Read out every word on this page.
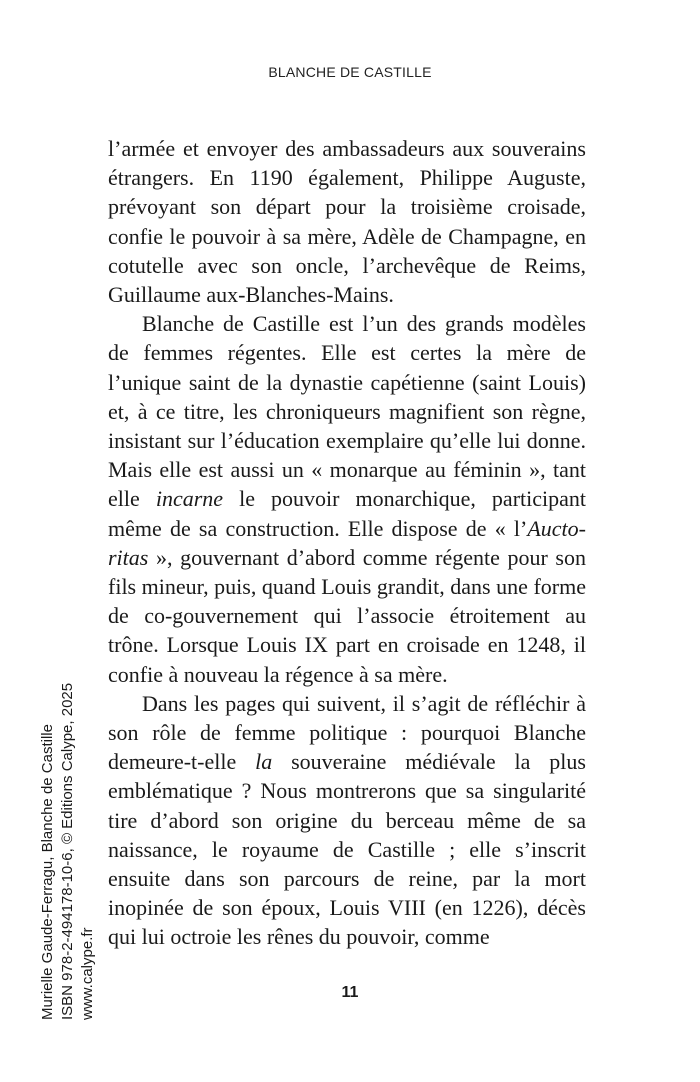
BLANCHE DE CASTILLE

l’armée et envoyer des ambassadeurs aux souverains étrangers. En 1190 également, Philippe Auguste, prévoyant son départ pour la troisième croisade, confie le pouvoir à sa mère, Adèle de Champagne, en cotutelle avec son oncle, l’archevêque de Reims, Guillaume aux-Blanches-Mains.

Blanche de Castille est l’un des grands modèles de femmes régentes. Elle est certes la mère de l’unique saint de la dynastie capétienne (saint Louis) et, à ce titre, les chroniqueurs magnifient son règne, insistant sur l’éducation exemplaire qu’elle lui donne. Mais elle est aussi un « monarque au féminin », tant elle incarne le pouvoir monarchique, participant même de sa construction. Elle dispose de « l’Auctoritas », gouvernant d’abord comme régente pour son fils mineur, puis, quand Louis grandit, dans une forme de co-gouvernement qui l’associe étroitement au trône. Lorsque Louis IX part en croisade en 1248, il confie à nouveau la régence à sa mère.

Dans les pages qui suivent, il s’agit de réfléchir à son rôle de femme politique : pourquoi Blanche demeure-t-elle la souveraine médiévale la plus emblématique ? Nous montrerons que sa singularité tire d’abord son origine du berceau même de sa naissance, le royaume de Castille ; elle s’inscrit ensuite dans son parcours de reine, par la mort inopinée de son époux, Louis VIII (en 1226), décès qui lui octroie les rênes du pouvoir, comme

Murielle Gaude-Ferragu, Blanche de Castille ISBN 978-2-494178-10-6, © Editions Calype, 2025 www.calype.fr	11
